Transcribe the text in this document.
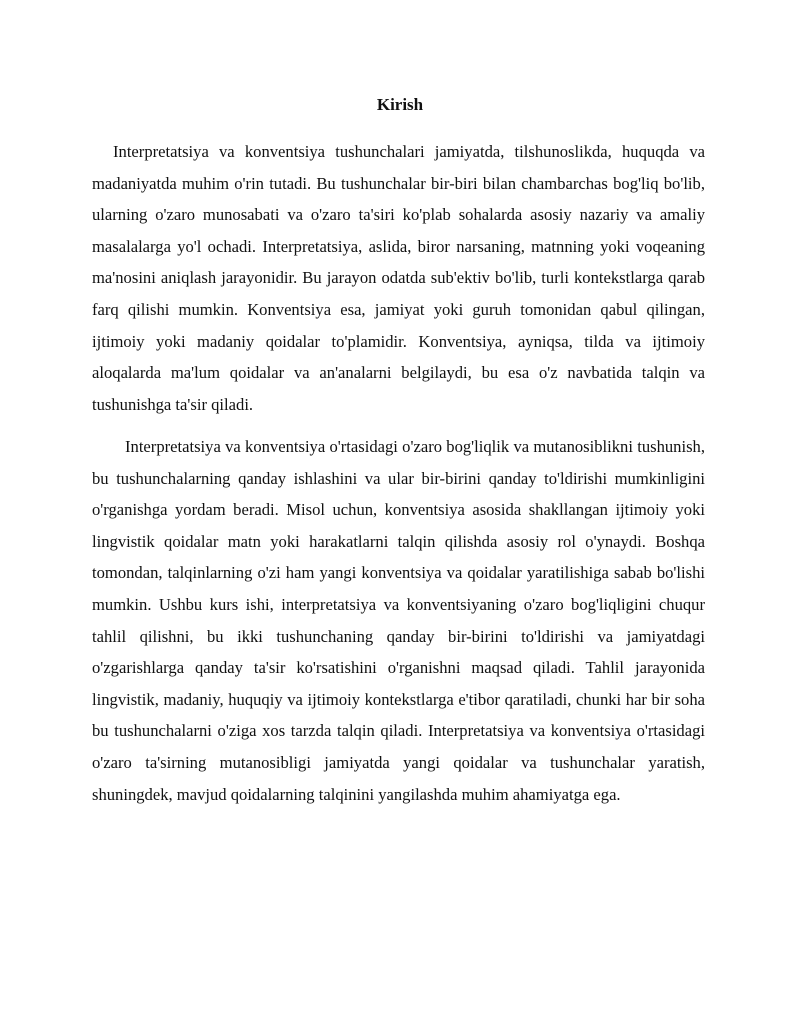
Kirish

Interpretatsiya va konventsiya tushunchalari jamiyatda, tilshunoslikda, huquqda va madaniyatda muhim o'rin tutadi. Bu tushunchalar bir-biri bilan chambarchas bog'liq bo'lib, ularning o'zaro munosabati va o'zaro ta'siri ko'plab sohalarda asosiy nazariy va amaliy masalalarga yo'l ochadi. Interpretatsiya, aslida, biror narsaning, matnning yoki voqeaning ma'nosini aniqlash jarayonidir. Bu jarayon odatda sub'ektiv bo'lib, turli kontekstlarga qarab farq qilishi mumkin. Konventsiya esa, jamiyat yoki guruh tomonidan qabul qilingan, ijtimoiy yoki madaniy qoidalar to'plamidir. Konventsiya, ayniqsa, tilda va ijtimoiy aloqalarda ma'lum qoidalar va an'analarni belgilaydi, bu esa o'z navbatida talqin va tushunishga ta'sir qiladi.

Interpretatsiya va konventsiya o'rtasidagi o'zaro bog'liqlik va mutanosiblikni tushunish, bu tushunchalarning qanday ishlashini va ular bir-birini qanday to'ldirishi mumkinligini o'rganishga yordam beradi. Misol uchun, konventsiya asosida shakllangan ijtimoiy yoki lingvistik qoidalar matn yoki harakatlarni talqin qilishda asosiy rol o'ynaydi. Boshqa tomondan, talqinlarning o'zi ham yangi konventsiya va qoidalar yaratilishiga sabab bo'lishi mumkin. Ushbu kurs ishi, interpretatsiya va konventsiyaning o'zaro bog'liqligini chuqur tahlil qilishni, bu ikki tushunchaning qanday bir-birini to'ldirishi va jamiyatdagi o'zgarishlarga qanday ta'sir ko'rsatishini o'rganishni maqsad qiladi. Tahlil jarayonida lingvistik, madaniy, huquqiy va ijtimoiy kontekstlarga e'tibor qaratiladi, chunki har bir soha bu tushunchalarni o'ziga xos tarzda talqin qiladi. Interpretatsiya va konventsiya o'rtasidagi o'zaro ta'sirning mutanosibligi jamiyatda yangi qoidalar va tushunchalar yaratish, shuningdek, mavjud qoidalarning talqinini yangilashda muhim ahamiyatga ega.
